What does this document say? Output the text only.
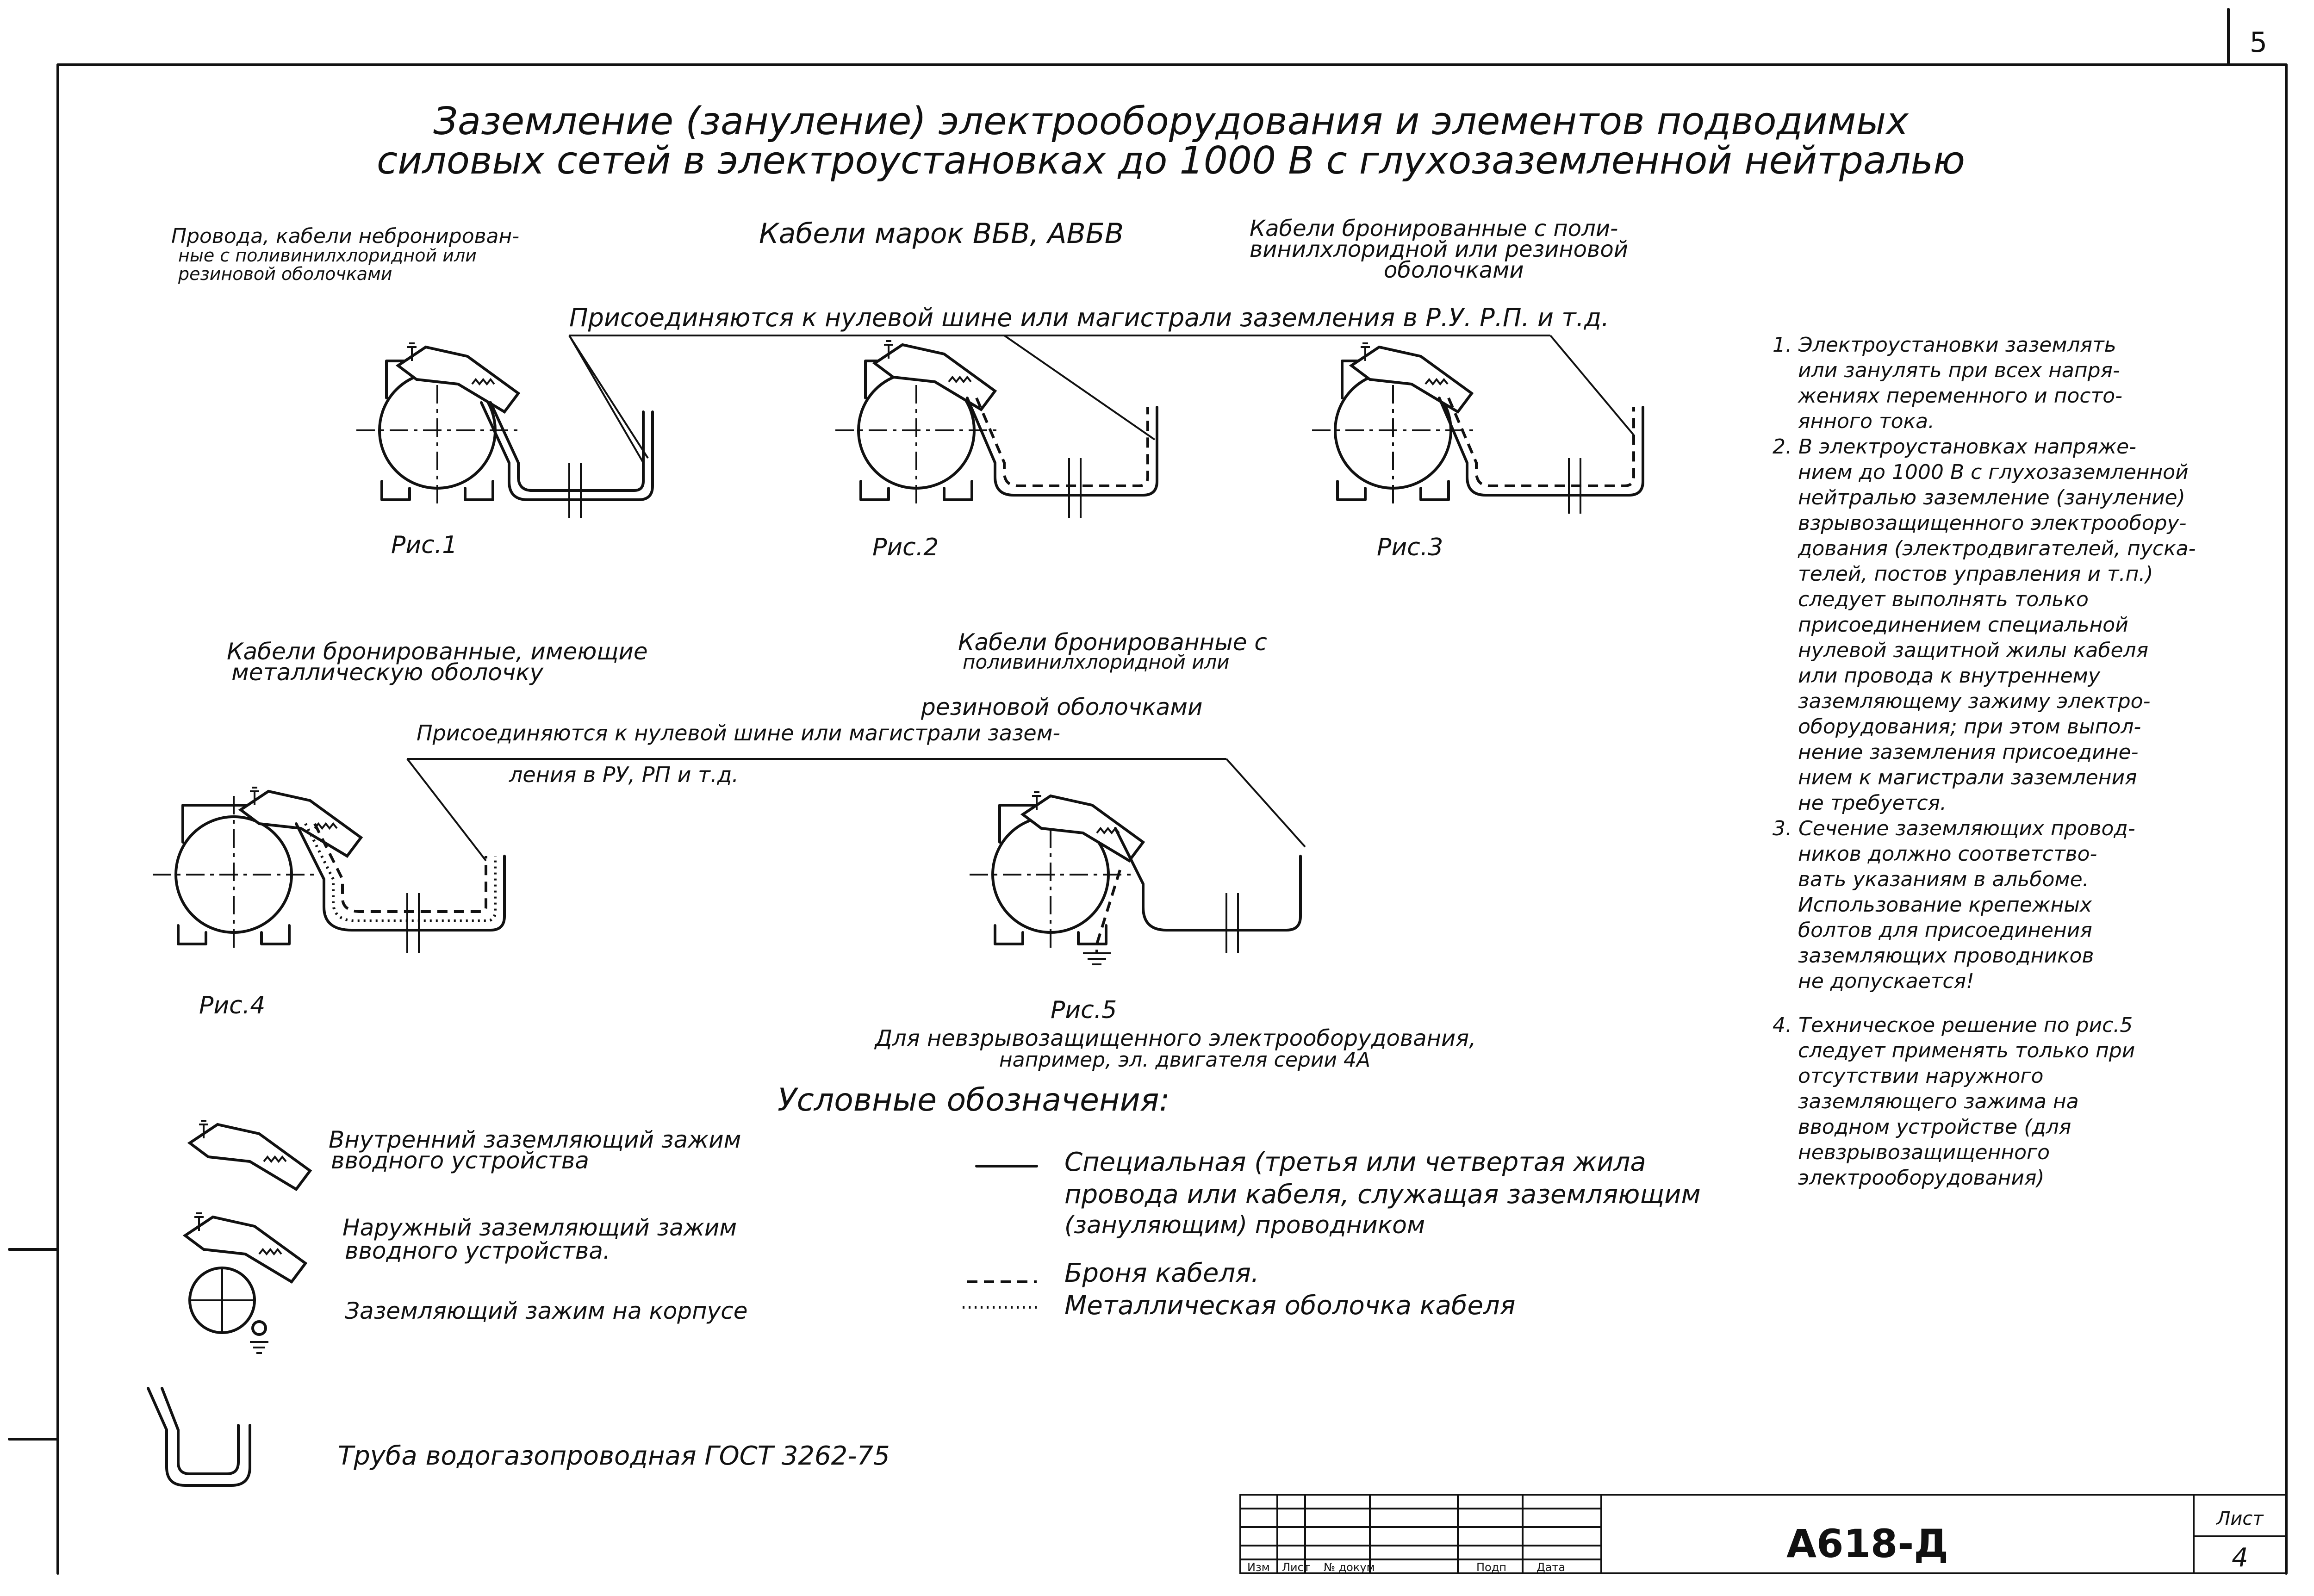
5
Заземление (зануление) электрооборудования и элементов подводимых
силовых сетей в электроустановках до 1000 В с глухозаземленной нейтралью
Провода, кабели небронирован-
ные с поливинилхлоридной или
резиновой оболочками
Кабели марок ВБВ, АВБВ	Кабели бронированные с поли-
винилхлоридной или резиновой
оболочками
Присоединяются к нулевой шине или магистрали заземления в Р.У. Р.П. и т.д.
Рис.1	Рис.2	Рис.3
Кабели бронированные, имеющие
металлическую оболочку
Кабели бронированные с
поливинилхлоридной или
резиновой оболочками
Присоединяются к нулевой шине или магистрали зазем-
ления в РУ, РП и т.д.
Рис.4	Рис.5
Для невзрывозащищенного электрооборудования,
например, эл. двигателя серии 4А
Условные обозначения:
Внутренний заземляющий зажим
вводного устройства
Наружный заземляющий зажим
вводного устройства.
Заземляющий зажим на корпусе
Труба водогазопроводная ГОСТ 3262-75
Специальная (третья или четвертая жила
провода или кабеля, служащая заземляющим
(зануляющим) проводником
Броня кабеля.
Металлическая оболочка кабеля
1. Электроустановки заземлять
или занулять при всех напря-
жениях переменного и посто-
янного тока.
2. В электроустановках напряже-
нием до 1000 В с глухозаземленной
нейтралью заземление (зануление)
взрывозащищенного электрообору-
дования (электродвигателей, пуска-
телей, постов управления и т.п.)
следует выполнять только
присоединением специальной
нулевой защитной жилы кабеля
или провода к внутреннему
заземляющему зажиму электро-
оборудования; при этом выпол-
нение заземления присоедине-
нием к магистрали заземления
не требуется.
3. Сечение заземляющих провод-
ников должно соответство-
вать указаниям в альбоме.
Использование крепежных
болтов для присоединения
заземляющих проводников
не допускается!
4. Техническое решение по рис.5
следует применять только при
отсутствии наружного
заземляющего зажима на
вводном устройстве (для
невзрывозащищенного
электрооборудования)
Изм Лист № докум	Подп	Дата
А618-Д
Лист
4
